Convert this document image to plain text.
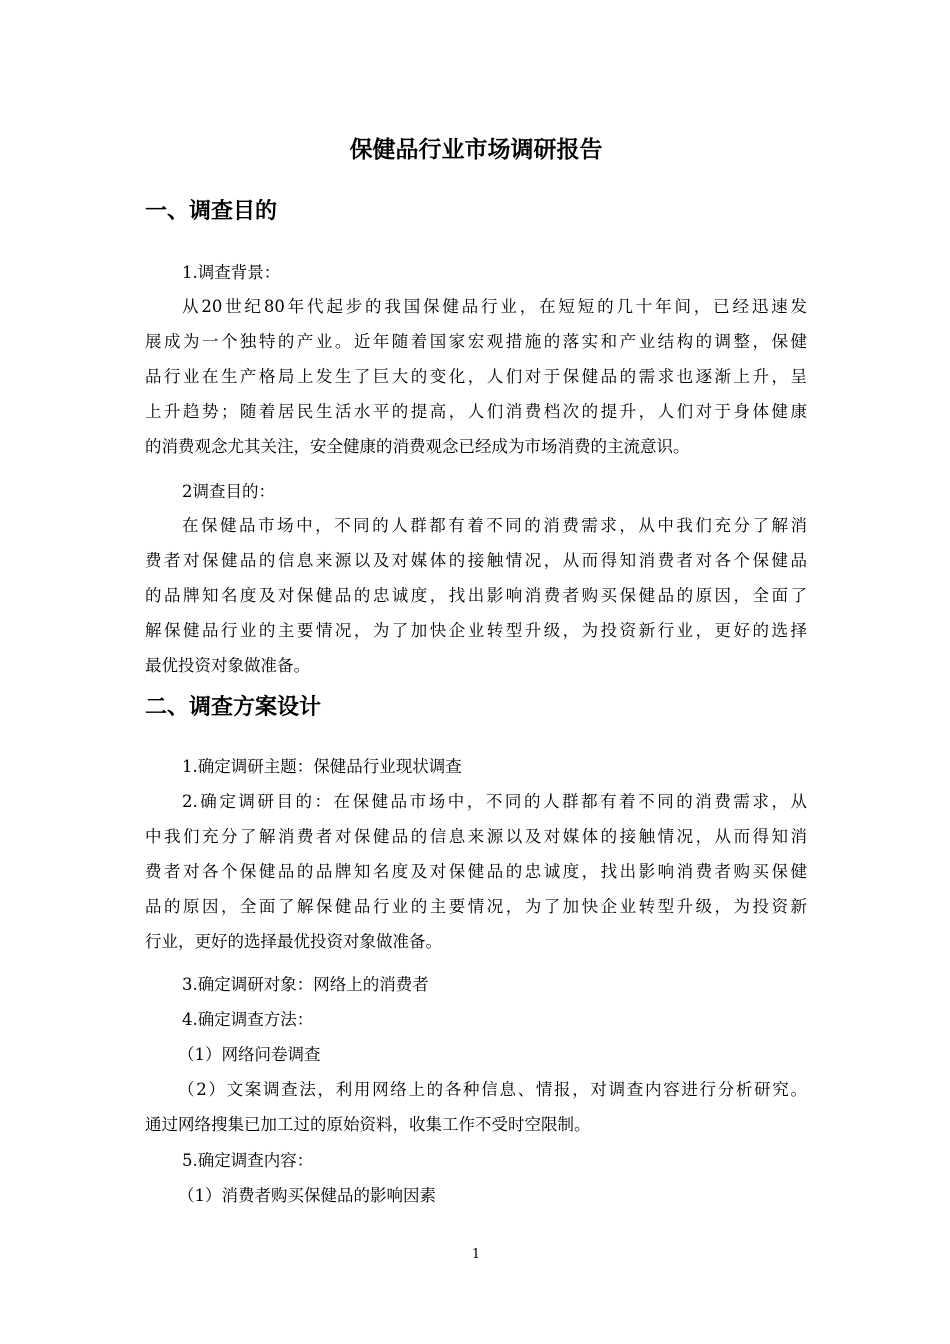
保健品行业市场调研报告
一、调查目的
1.调查背景：
从20世纪80年代起步的我国保健品行业，在短短的几十年间，已经迅速发
展成为一个独特的产业。近年随着国家宏观措施的落实和产业结构的调整，保健
品行业在生产格局上发生了巨大的变化，人们对于保健品的需求也逐渐上升，呈
上升趋势；随着居民生活水平的提高，人们消费档次的提升，人们对于身体健康
的消费观念尤其关注，安全健康的消费观念已经成为市场消费的主流意识。
2调查目的：
在保健品市场中，不同的人群都有着不同的消费需求，从中我们充分了解消
费者对保健品的信息来源以及对媒体的接触情况，从而得知消费者对各个保健品
的品牌知名度及对保健品的忠诚度，找出影响消费者购买保健品的原因，全面了
解保健品行业的主要情况，为了加快企业转型升级，为投资新行业，更好的选择
最优投资对象做准备。
二、调查方案设计
1.确定调研主题：保健品行业现状调查
2.确定调研目的：在保健品市场中，不同的人群都有着不同的消费需求，从
中我们充分了解消费者对保健品的信息来源以及对媒体的接触情况，从而得知消
费者对各个保健品的品牌知名度及对保健品的忠诚度，找出影响消费者购买保健
品的原因，全面了解保健品行业的主要情况，为了加快企业转型升级，为投资新
行业，更好的选择最优投资对象做准备。
3.确定调研对象：网络上的消费者
4.确定调查方法：
（1）网络问卷调查
（2）文案调查法，利用网络上的各种信息、情报，对调查内容进行分析研究。
通过网络搜集已加工过的原始资料，收集工作不受时空限制。
5.确定调查内容：
（1）消费者购买保健品的影响因素
1
